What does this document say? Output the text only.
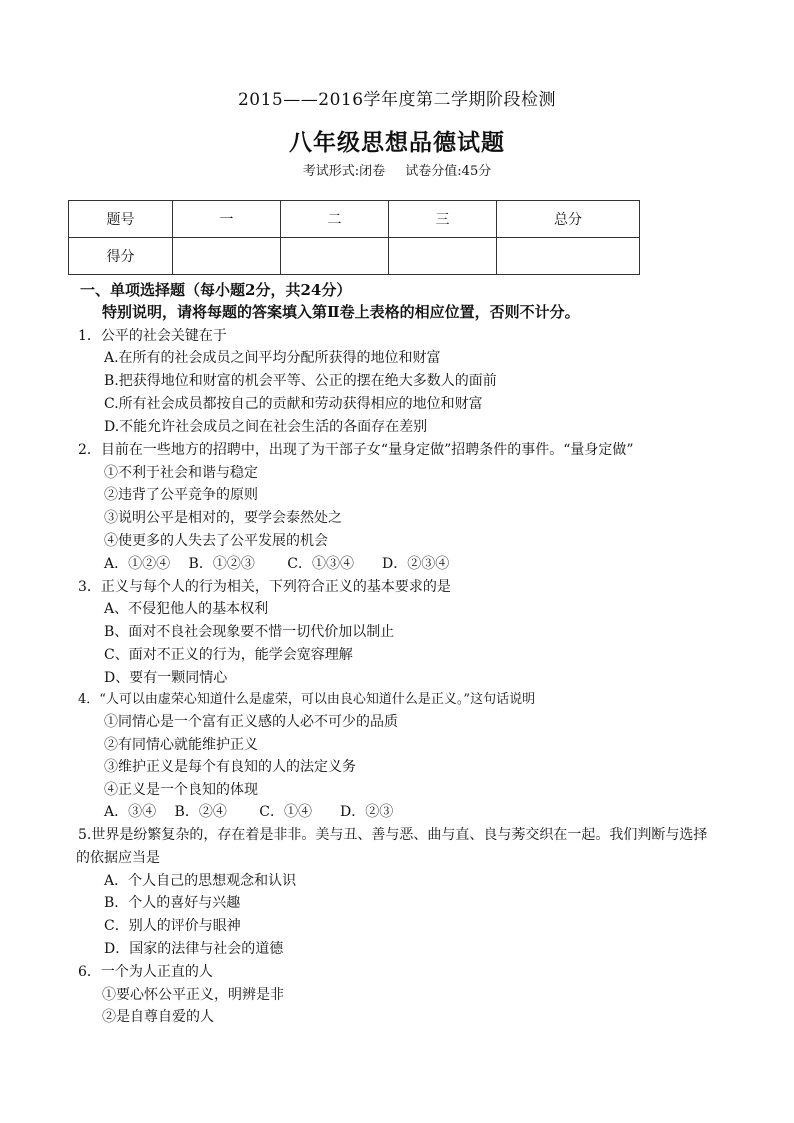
2015——2016学年度第二学期阶段检测
八年级思想品德试题
考试形式:闭卷 试卷分值:45分
题号	一	二	三	总分
得分				
一、单项选择题（每小题2分，共24分）
特别说明，请将每题的答案填入第Ⅱ卷上表格的相应位置，否则不计分。
1．公平的社会关键在于
A.在所有的社会成员之间平均分配所获得的地位和财富
B.把获得地位和财富的机会平等、公正的摆在绝大多数人的面前
C.所有社会成员都按自己的贡献和劳动获得相应的地位和财富
D.不能允许社会成员之间在社会生活的各面存在差别
2．目前在一些地方的招聘中，出现了为干部子女“量身定做”招聘条件的事件。“量身定做”
①不利于社会和谐与稳定
②违背了公平竞争的原则
③说明公平是相对的，要学会泰然处之
④使更多的人失去了公平发展的机会
A．①②④　 B．①②③　　 C．①③④　　D．②③④
3．正义与每个人的行为相关，下列符合正义的基本要求的是
A、不侵犯他人的基本权利
B、面对不良社会现象要不惜一切代价加以制止
C、面对不正义的行为，能学会宽容理解
D、要有一颗同情心
4．“人可以由虚荣心知道什么是虚荣，可以由良心知道什么是正义。”这句话说明
①同情心是一个富有正义感的人必不可少的品质
②有同情心就能维护正义
③维护正义是每个有良知的人的法定义务
④正义是一个良知的体现
A．③④　 B．②④　　 C．①④　　D．②③
5.世界是纷繁复杂的，存在着是非非。美与丑、善与恶、曲与直、良与莠交织在一起。我们判断与选择
的依据应当是
A．个人自己的思想观念和认识
B．个人的喜好与兴趣
C．别人的评价与眼神
D．国家的法律与社会的道德
6．一个为人正直的人
①要心怀公平正义，明辨是非
②是自尊自爱的人
